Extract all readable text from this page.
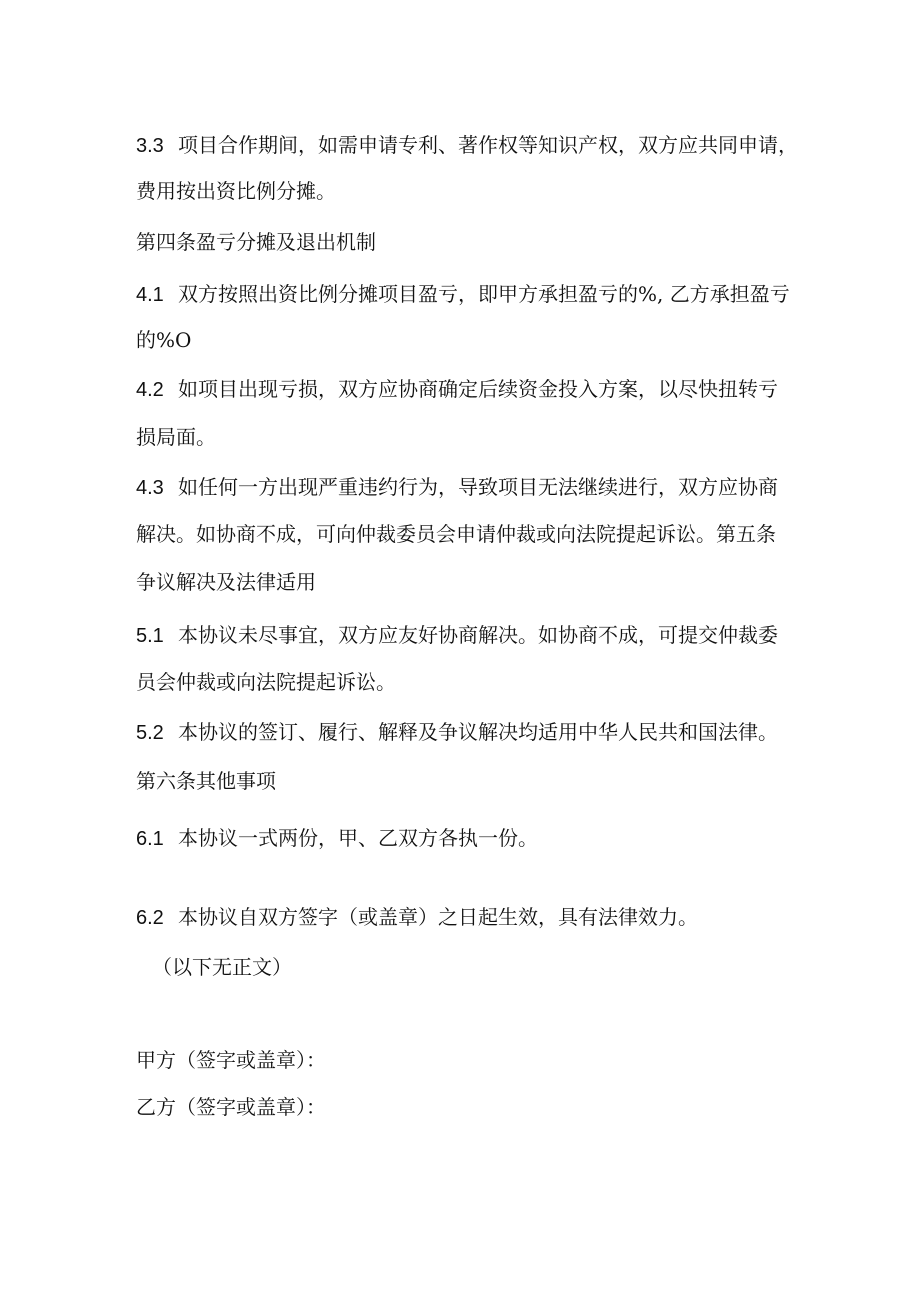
3.3 项目合作期间，如需申请专利、著作权等知识产权，双方应共同申请，
费用按出资比例分摊。
第四条盈亏分摊及退出机制
4.1 双方按照出资比例分摊项目盈亏，即甲方承担盈亏的%, 乙方承担盈亏
的%O
4.2 如项目出现亏损，双方应协商确定后续资金投入方案，以尽快扭转亏
损局面。
4.3 如任何一方出现严重违约行为，导致项目无法继续进行，双方应协商
解决。如协商不成，可向仲裁委员会申请仲裁或向法院提起诉讼。第五条
争议解决及法律适用
5.1 本协议未尽事宜，双方应友好协商解决。如协商不成，可提交仲裁委
员会仲裁或向法院提起诉讼。
5.2 本协议的签订、履行、解释及争议解决均适用中华人民共和国法律。
第六条其他事项
6.1 本协议一式两份，甲、乙双方各执一份。
6.2 本协议自双方签字（或盖章）之日起生效，具有法律效力。
（以下无正文）
甲方（签字或盖章）：
乙方（签字或盖章）：
